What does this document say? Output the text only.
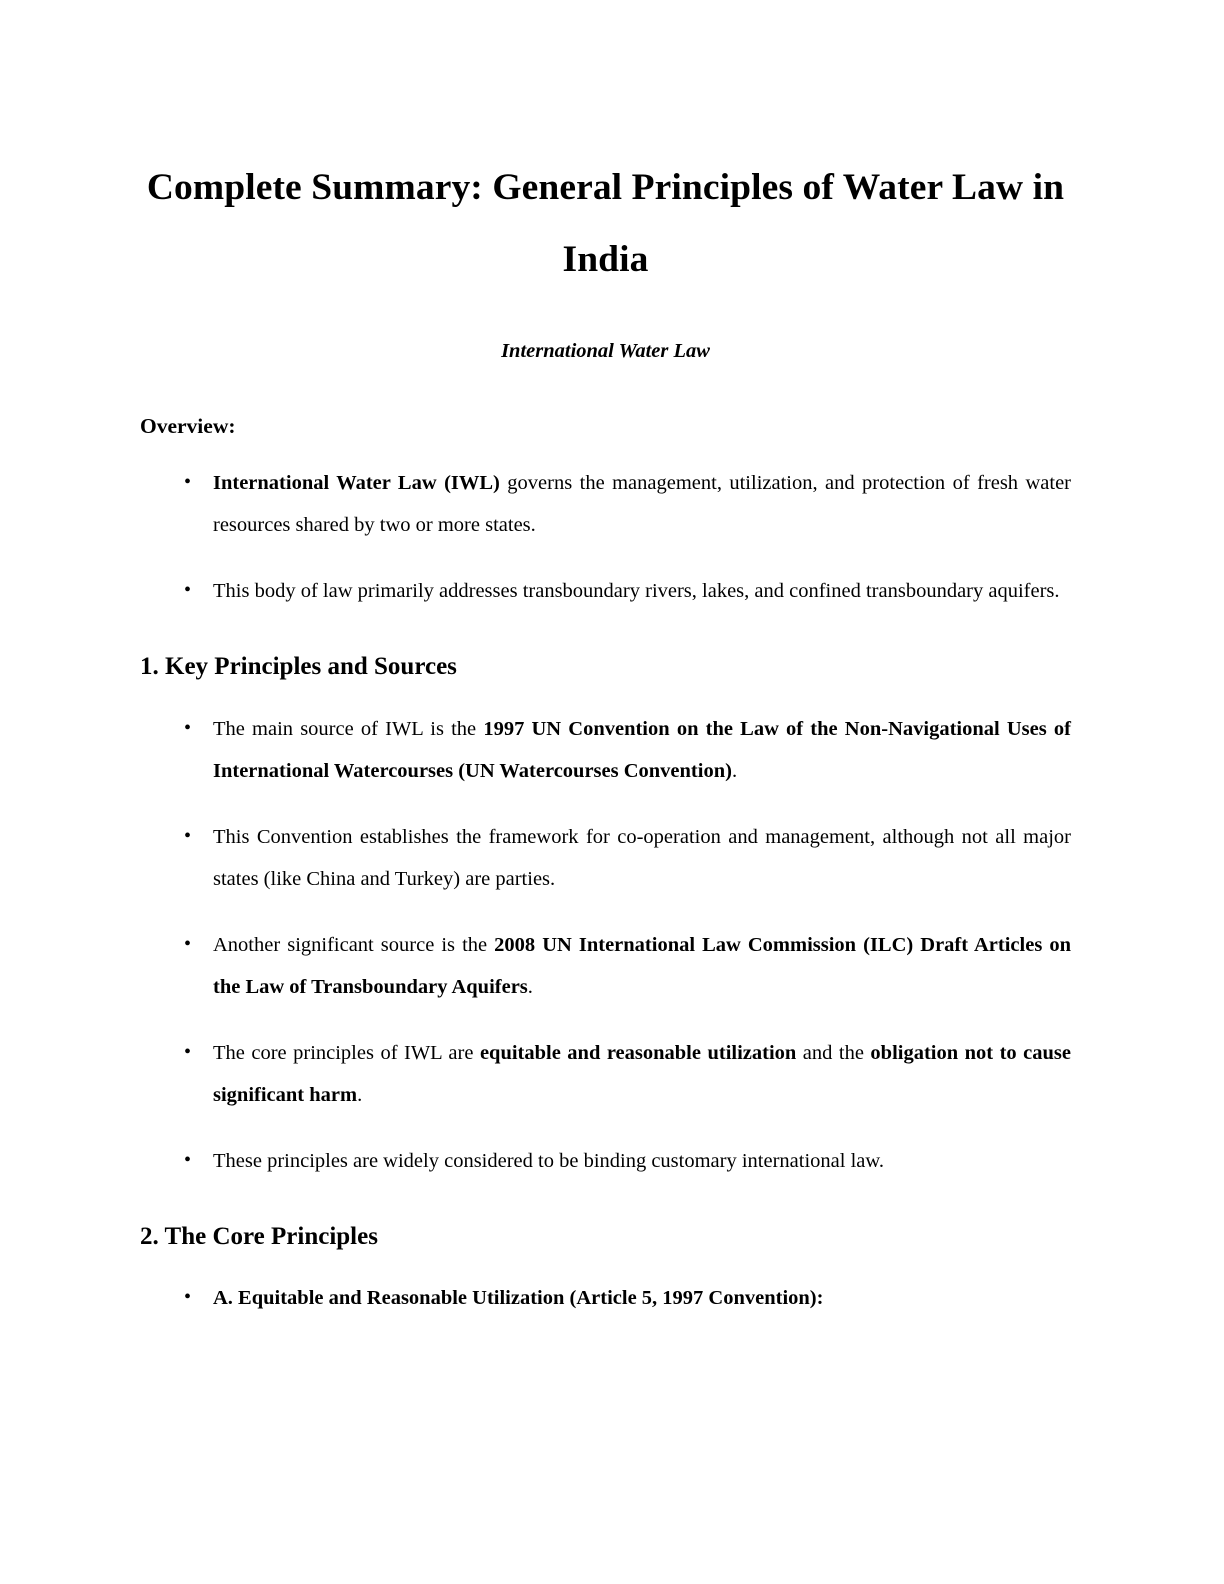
Complete Summary: General Principles of Water Law in India
International Water Law
Overview:
• International Water Law (IWL) governs the management, utilization, and protection of fresh water resources shared by two or more states.
• This body of law primarily addresses transboundary rivers, lakes, and confined transboundary aquifers.
1. Key Principles and Sources
• The main source of IWL is the 1997 UN Convention on the Law of the Non-Navigational Uses of International Watercourses (UN Watercourses Convention).
• This Convention establishes the framework for co-operation and management, although not all major states (like China and Turkey) are parties.
• Another significant source is the 2008 UN International Law Commission (ILC) Draft Articles on the Law of Transboundary Aquifers.
• The core principles of IWL are equitable and reasonable utilization and the obligation not to cause significant harm.
• These principles are widely considered to be binding customary international law.
2. The Core Principles
• A. Equitable and Reasonable Utilization (Article 5, 1997 Convention):
